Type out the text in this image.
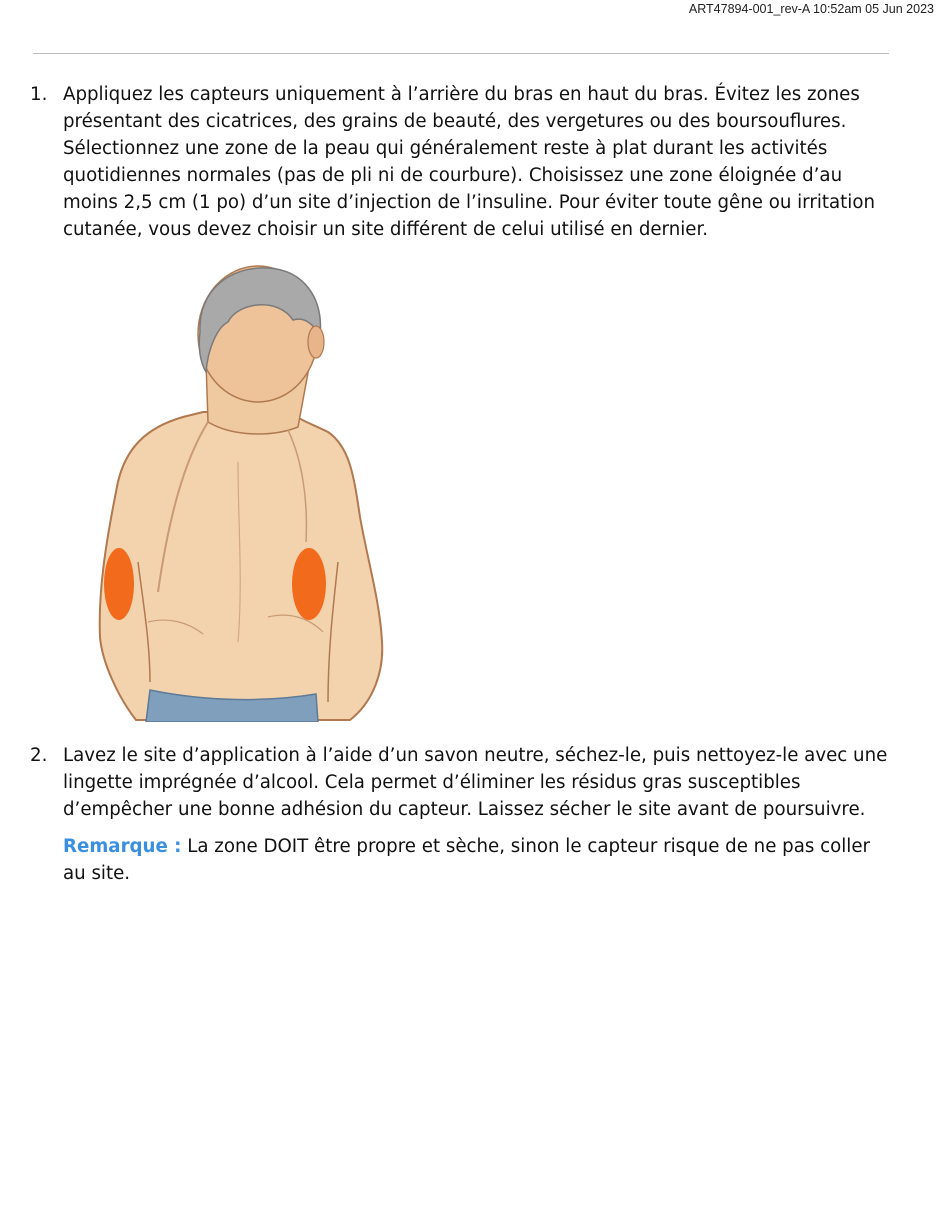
ART47894-001_rev-A 10:52am 05 Jun 2023
1. Appliquez les capteurs uniquement à l’arrière du bras en haut du bras. Évitez les zones présentant des cicatrices, des grains de beauté, des vergetures ou des boursouflures. Sélectionnez une zone de la peau qui généralement reste à plat durant les activités quotidiennes normales (pas de pli ni de courbure). Choisissez une zone éloignée d’au moins 2,5 cm (1 po) d’un site d’injection de l’insuline. Pour éviter toute gêne ou irritation cutanée, vous devez choisir un site différent de celui utilisé en dernier.
2. Lavez le site d’application à l’aide d’un savon neutre, séchez-le, puis nettoyez-le avec une lingette imprégnée d’alcool. Cela permet d’éliminer les résidus gras susceptibles d’empêcher une bonne adhésion du capteur. Laissez sécher le site avant de poursuivre.
Remarque : La zone DOIT être propre et sèche, sinon le capteur risque de ne pas coller au site.
